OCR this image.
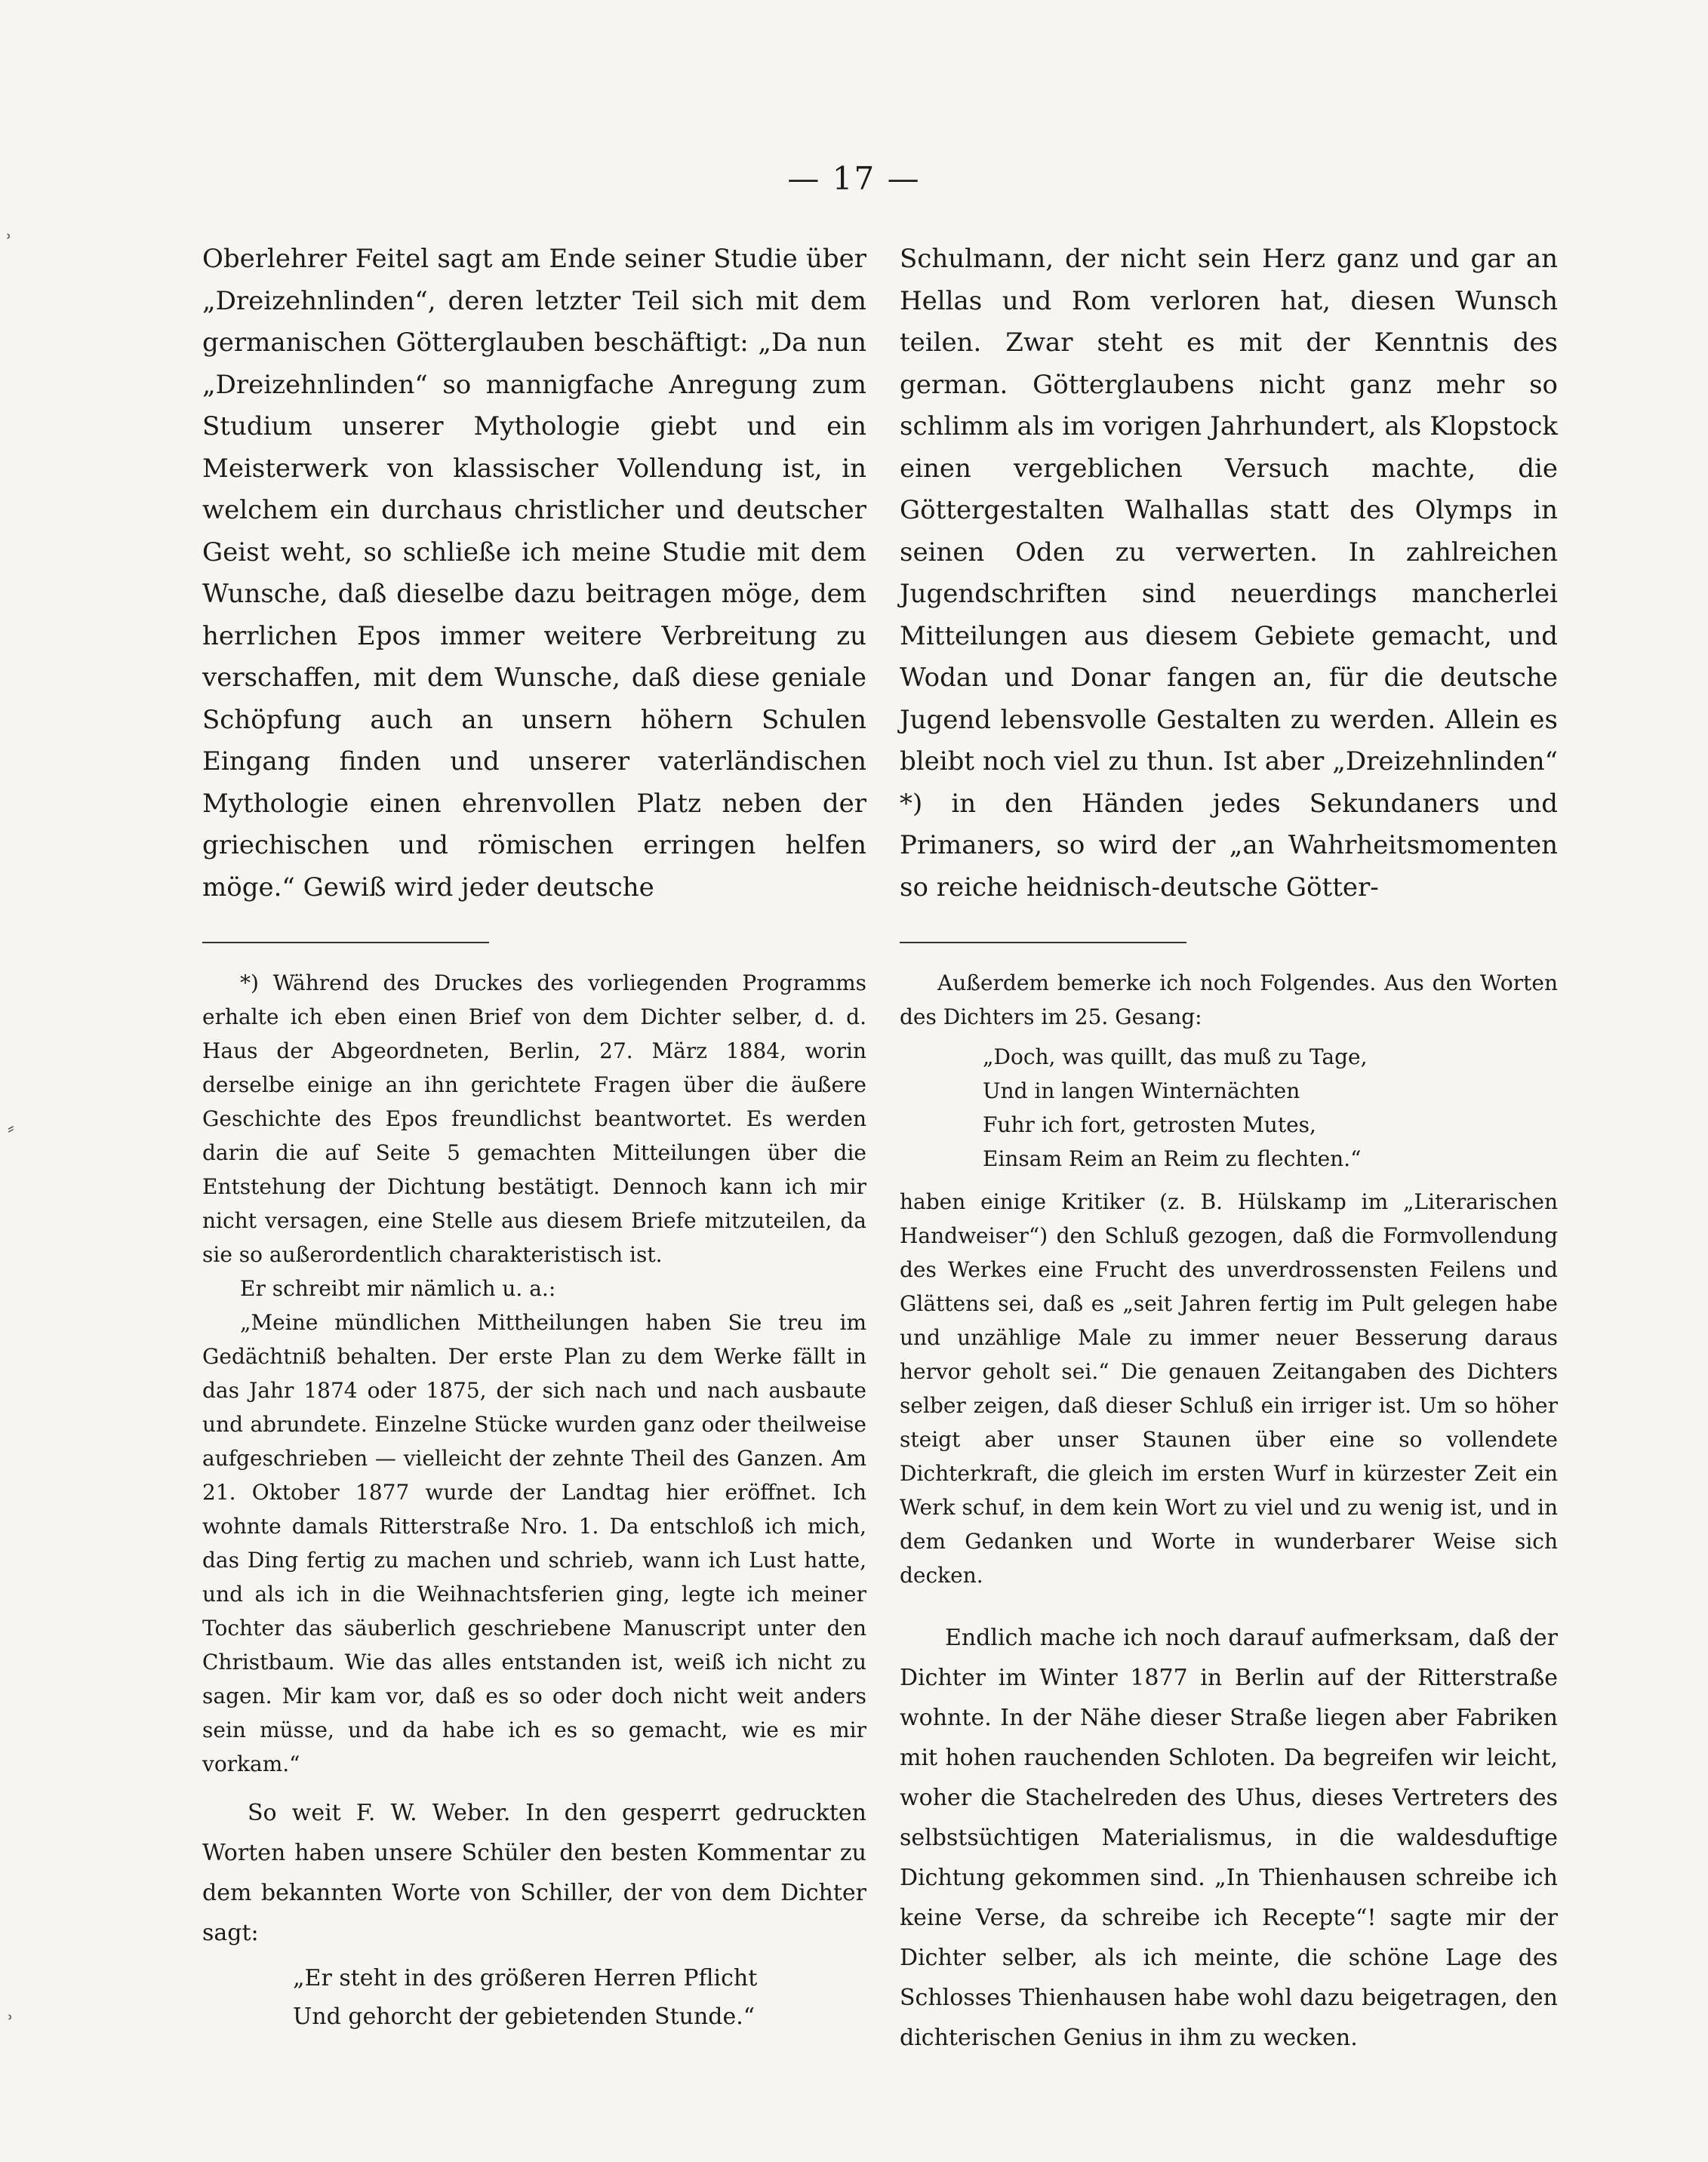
— 17 —

Oberlehrer Feitel sagt am Ende seiner Studie über „Dreizehnlinden“, deren letzter Teil sich mit dem germanischen Götterglauben beschäftigt: „Da nun „Dreizehnlinden“ so mannigfache Anregung zum Studium unserer Mythologie giebt und ein Meisterwerk von klassischer Vollendung ist, in welchem ein durchaus christlicher und deutscher Geist weht, so schließe ich meine Studie mit dem Wunsche, daß dieselbe dazu beitragen möge, dem herrlichen Epos immer weitere Verbreitung zu verschaffen, mit dem Wunsche, daß diese geniale Schöpfung auch an unsern höhern Schulen Eingang finden und unserer vaterländischen Mythologie einen ehrenvollen Platz neben der griechischen und römischen erringen helfen möge.“ Gewiß wird jeder deutsche

*) Während des Druckes des vorliegenden Programms erhalte ich eben einen Brief von dem Dichter selber, d. d. Haus der Abgeordneten, Berlin, 27. März 1884, worin derselbe einige an ihn gerichtete Fragen über die äußere Geschichte des Epos freundlichst beantwortet. Es werden darin die auf Seite 5 gemachten Mitteilungen über die Entstehung der Dichtung bestätigt. Dennoch kann ich mir nicht versagen, eine Stelle aus diesem Briefe mitzuteilen, da sie so außerordentlich charakteristisch ist.

Er schreibt mir nämlich u. a.:

„Meine mündlichen Mittheilungen haben Sie treu im Gedächtniß behalten. Der erste Plan zu dem Werke fällt in das Jahr 1874 oder 1875, der sich nach und nach ausbaute und abrundete. Einzelne Stücke wurden ganz oder theilweise aufgeschrieben — vielleicht der zehnte Theil des Ganzen. Am 21. Oktober 1877 wurde der Landtag hier eröffnet. Ich wohnte damals Ritterstraße Nro. 1. Da entschloß ich mich, das Ding fertig zu machen und schrieb, wann ich Lust hatte, und als ich in die Weihnachtsferien ging, legte ich meiner Tochter das säuberlich geschriebene Manuscript unter den Christbaum. Wie das alles entstanden ist, weiß ich nicht zu sagen. Mir kam vor, daß es so oder doch nicht weit anders sein müsse, und da habe ich es so gemacht, wie es mir vorkam.“

So weit F. W. Weber. In den gesperrt gedruckten Worten haben unsere Schüler den besten Kommentar zu dem bekannten Worte von Schiller, der von dem Dichter sagt:

„Er steht in des größeren Herren Pflicht
Und gehorcht der gebietenden Stunde.“

Schulmann, der nicht sein Herz ganz und gar an Hellas und Rom verloren hat, diesen Wunsch teilen. Zwar steht es mit der Kenntnis des german. Götterglaubens nicht ganz mehr so schlimm als im vorigen Jahrhundert, als Klopstock einen vergeblichen Versuch machte, die Göttergestalten Walhallas statt des Olymps in seinen Oden zu verwerten. In zahlreichen Jugendschriften sind neuerdings mancherlei Mitteilungen aus diesem Gebiete gemacht, und Wodan und Donar fangen an, für die deutsche Jugend lebensvolle Gestalten zu werden. Allein es bleibt noch viel zu thun. Ist aber „Dreizehnlinden“ *) in den Händen jedes Sekundaners und Primaners, so wird der „an Wahrheitsmomenten so reiche heidnisch-deutsche Götter-

Außerdem bemerke ich noch Folgendes. Aus den Worten des Dichters im 25. Gesang:

„Doch, was quillt, das muß zu Tage,
Und in langen Winternächten
Fuhr ich fort, getrosten Mutes,
Einsam Reim an Reim zu flechten.“

haben einige Kritiker (z. B. Hülskamp im „Literarischen Handweiser“) den Schluß gezogen, daß die Formvollendung des Werkes eine Frucht des unverdrossensten Feilens und Glättens sei, daß es „seit Jahren fertig im Pult gelegen habe und unzählige Male zu immer neuer Besserung daraus hervor geholt sei.“ Die genauen Zeitangaben des Dichters selber zeigen, daß dieser Schluß ein irriger ist. Um so höher steigt aber unser Staunen über eine so vollendete Dichterkraft, die gleich im ersten Wurf in kürzester Zeit ein Werk schuf, in dem kein Wort zu viel und zu wenig ist, und in dem Gedanken und Worte in wunderbarer Weise sich decken.

Endlich mache ich noch darauf aufmerksam, daß der Dichter im Winter 1877 in Berlin auf der Ritterstraße wohnte. In der Nähe dieser Straße liegen aber Fabriken mit hohen rauchenden Schloten. Da begreifen wir leicht, woher die Stachelreden des Uhus, dieses Vertreters des selbstsüchtigen Materialismus, in die waldesduftige Dichtung gekommen sind. „In Thienhausen schreibe ich keine Verse, da schreibe ich Recepte“! sagte mir der Dichter selber, als ich meinte, die schöne Lage des Schlosses Thienhausen habe wohl dazu beigetragen, den dichterischen Genius in ihm zu wecken.

˒
⸗
˒
